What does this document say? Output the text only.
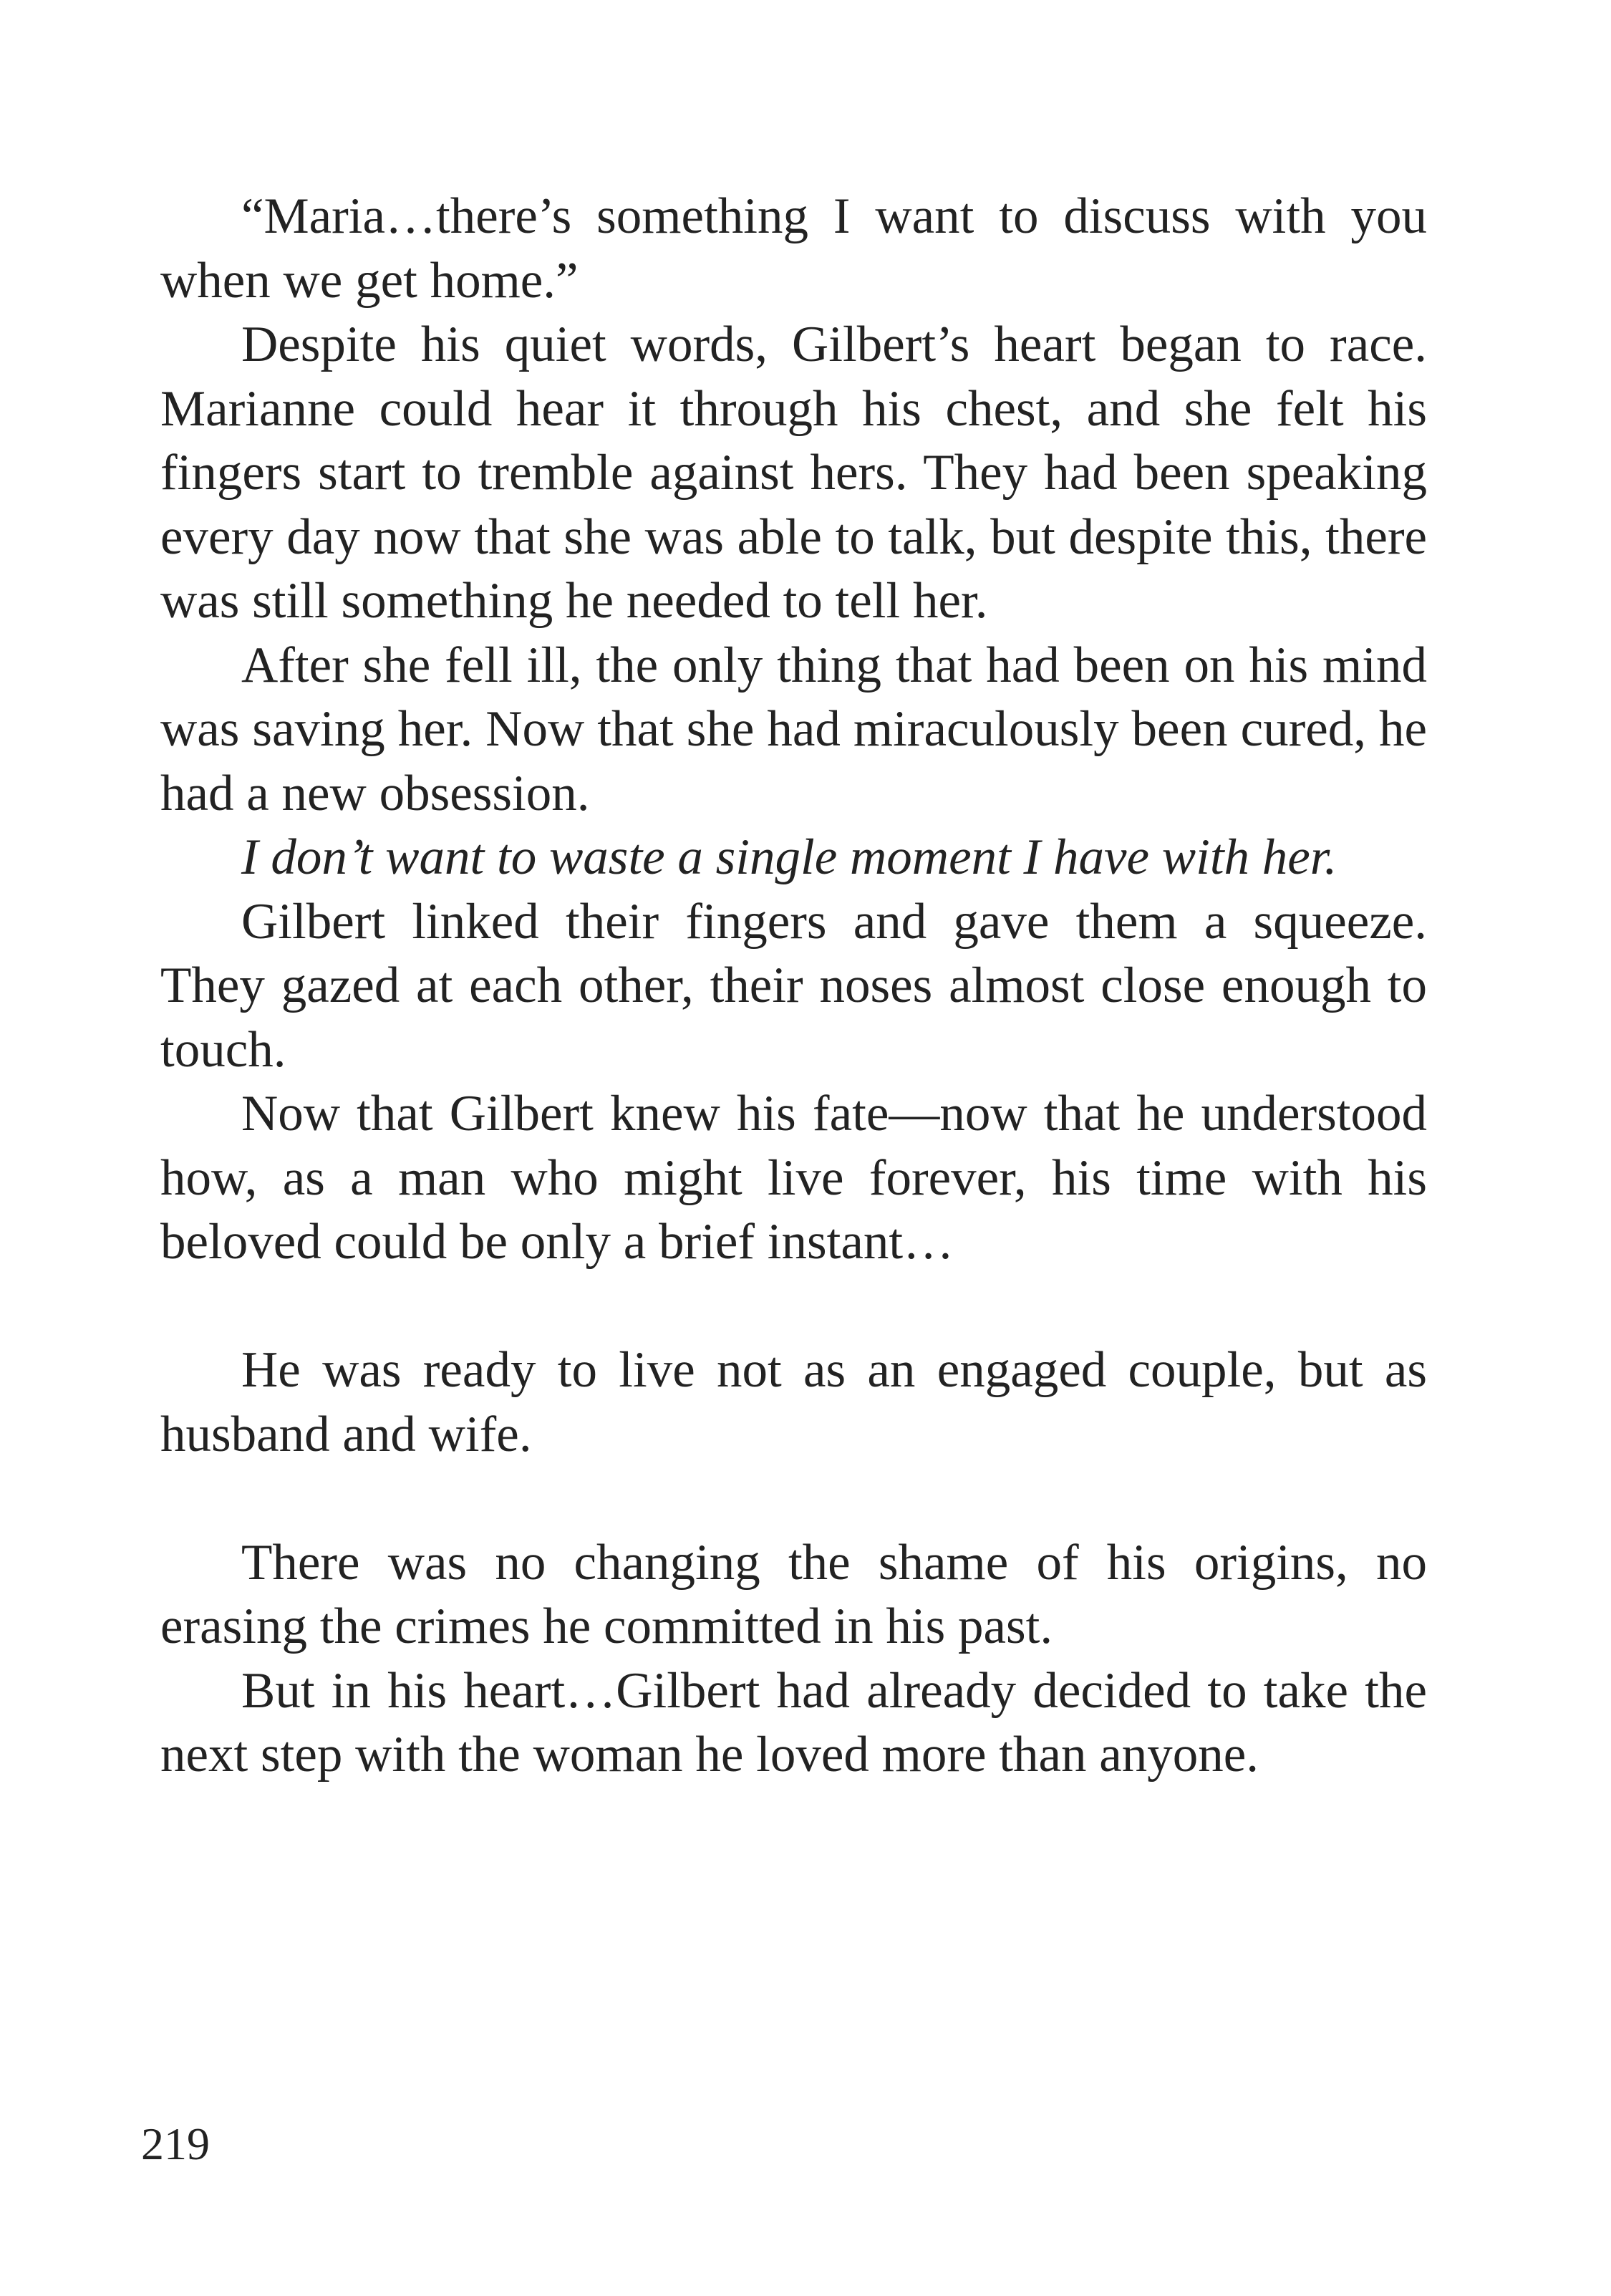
“Maria…there’s something I want to discuss with you when we get home.”

Despite his quiet words, Gilbert’s heart began to race. Marianne could hear it through his chest, and she felt his fingers start to tremble against hers. They had been speaking every day now that she was able to talk, but despite this, there was still something he needed to tell her.

After she fell ill, the only thing that had been on his mind was saving her. Now that she had miraculously been cured, he had a new obsession.

I don’t want to waste a single moment I have with her.

Gilbert linked their fingers and gave them a squeeze. They gazed at each other, their noses almost close enough to touch.

Now that Gilbert knew his fate—now that he understood how, as a man who might live forever, his time with his beloved could be only a brief instant…

He was ready to live not as an engaged couple, but as husband and wife.

There was no changing the shame of his origins, no erasing the crimes he committed in his past.

But in his heart…Gilbert had already decided to take the next step with the woman he loved more than anyone.

219
